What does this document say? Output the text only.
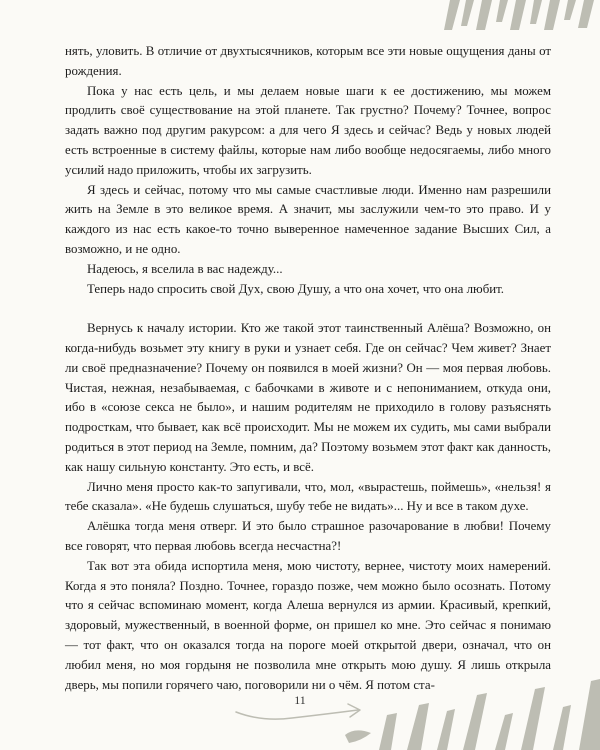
нять, уловить. В отличие от двухтысячников, которым все эти новые ощущения даны от рождения.

Пока у нас есть цель, и мы делаем новые шаги к ее достижению, мы можем продлить своё существование на этой планете. Так грустно? Почему? Точнее, вопрос задать важно под другим ракурсом: а для чего Я здесь и сейчас? Ведь у новых людей есть встроенные в систему файлы, которые нам либо вообще недосягаемы, либо много усилий надо приложить, чтобы их загрузить.

Я здесь и сейчас, потому что мы самые счастливые люди. Именно нам разрешили жить на Земле в это великое время. А значит, мы заслужили чем-то это право. И у каждого из нас есть какое-то точно выверенное намеченное задание Высших Сил, а возможно, и не одно.

Надеюсь, я вселила в вас надежду...

Теперь надо спросить свой Дух, свою Душу, а что она хочет, что она любит.

Вернусь к началу истории. Кто же такой этот таинственный Алёша? Возможно, он когда-нибудь возьмет эту книгу в руки и узнает себя. Где он сейчас? Чем живет? Знает ли своё предназначение? Почему он появился в моей жизни? Он — моя первая любовь. Чистая, нежная, незабываемая, с бабочками в животе и с непониманием, откуда они, ибо в «союзе секса не было», и нашим родителям не приходило в голову разъяснять подросткам, что бывает, как всё происходит. Мы не можем их судить, мы сами выбрали родиться в этот период на Земле, помним, да? Поэтому возьмем этот факт как данность, как нашу сильную константу. Это есть, и всё.

Лично меня просто как-то запугивали, что, мол, «вырастешь, поймешь», «нельзя! я тебе сказала». «Не будешь слушаться, шубу тебе не видать»... Ну и все в таком духе.

Алёшка тогда меня отверг. И это было страшное разочарование в любви! Почему все говорят, что первая любовь всегда несчастна?!

Так вот эта обида испортила меня, мою чистоту, вернее, чистоту моих намерений. Когда я это поняла? Поздно. Точнее, гораздо позже, чем можно было осознать. Потому что я сейчас вспоминаю момент, когда Алеша вернулся из армии. Красивый, крепкий, здоровый, мужественный, в военной форме, он пришел ко мне. Это сейчас я понимаю — тот факт, что он оказался тогда на пороге моей открытой двери, означал, что он любил меня, но моя гордыня не позволила мне открыть мою душу. Я лишь открыла дверь, мы попили горячего чаю, поговорили ни о чём. Я потом ста-

11
